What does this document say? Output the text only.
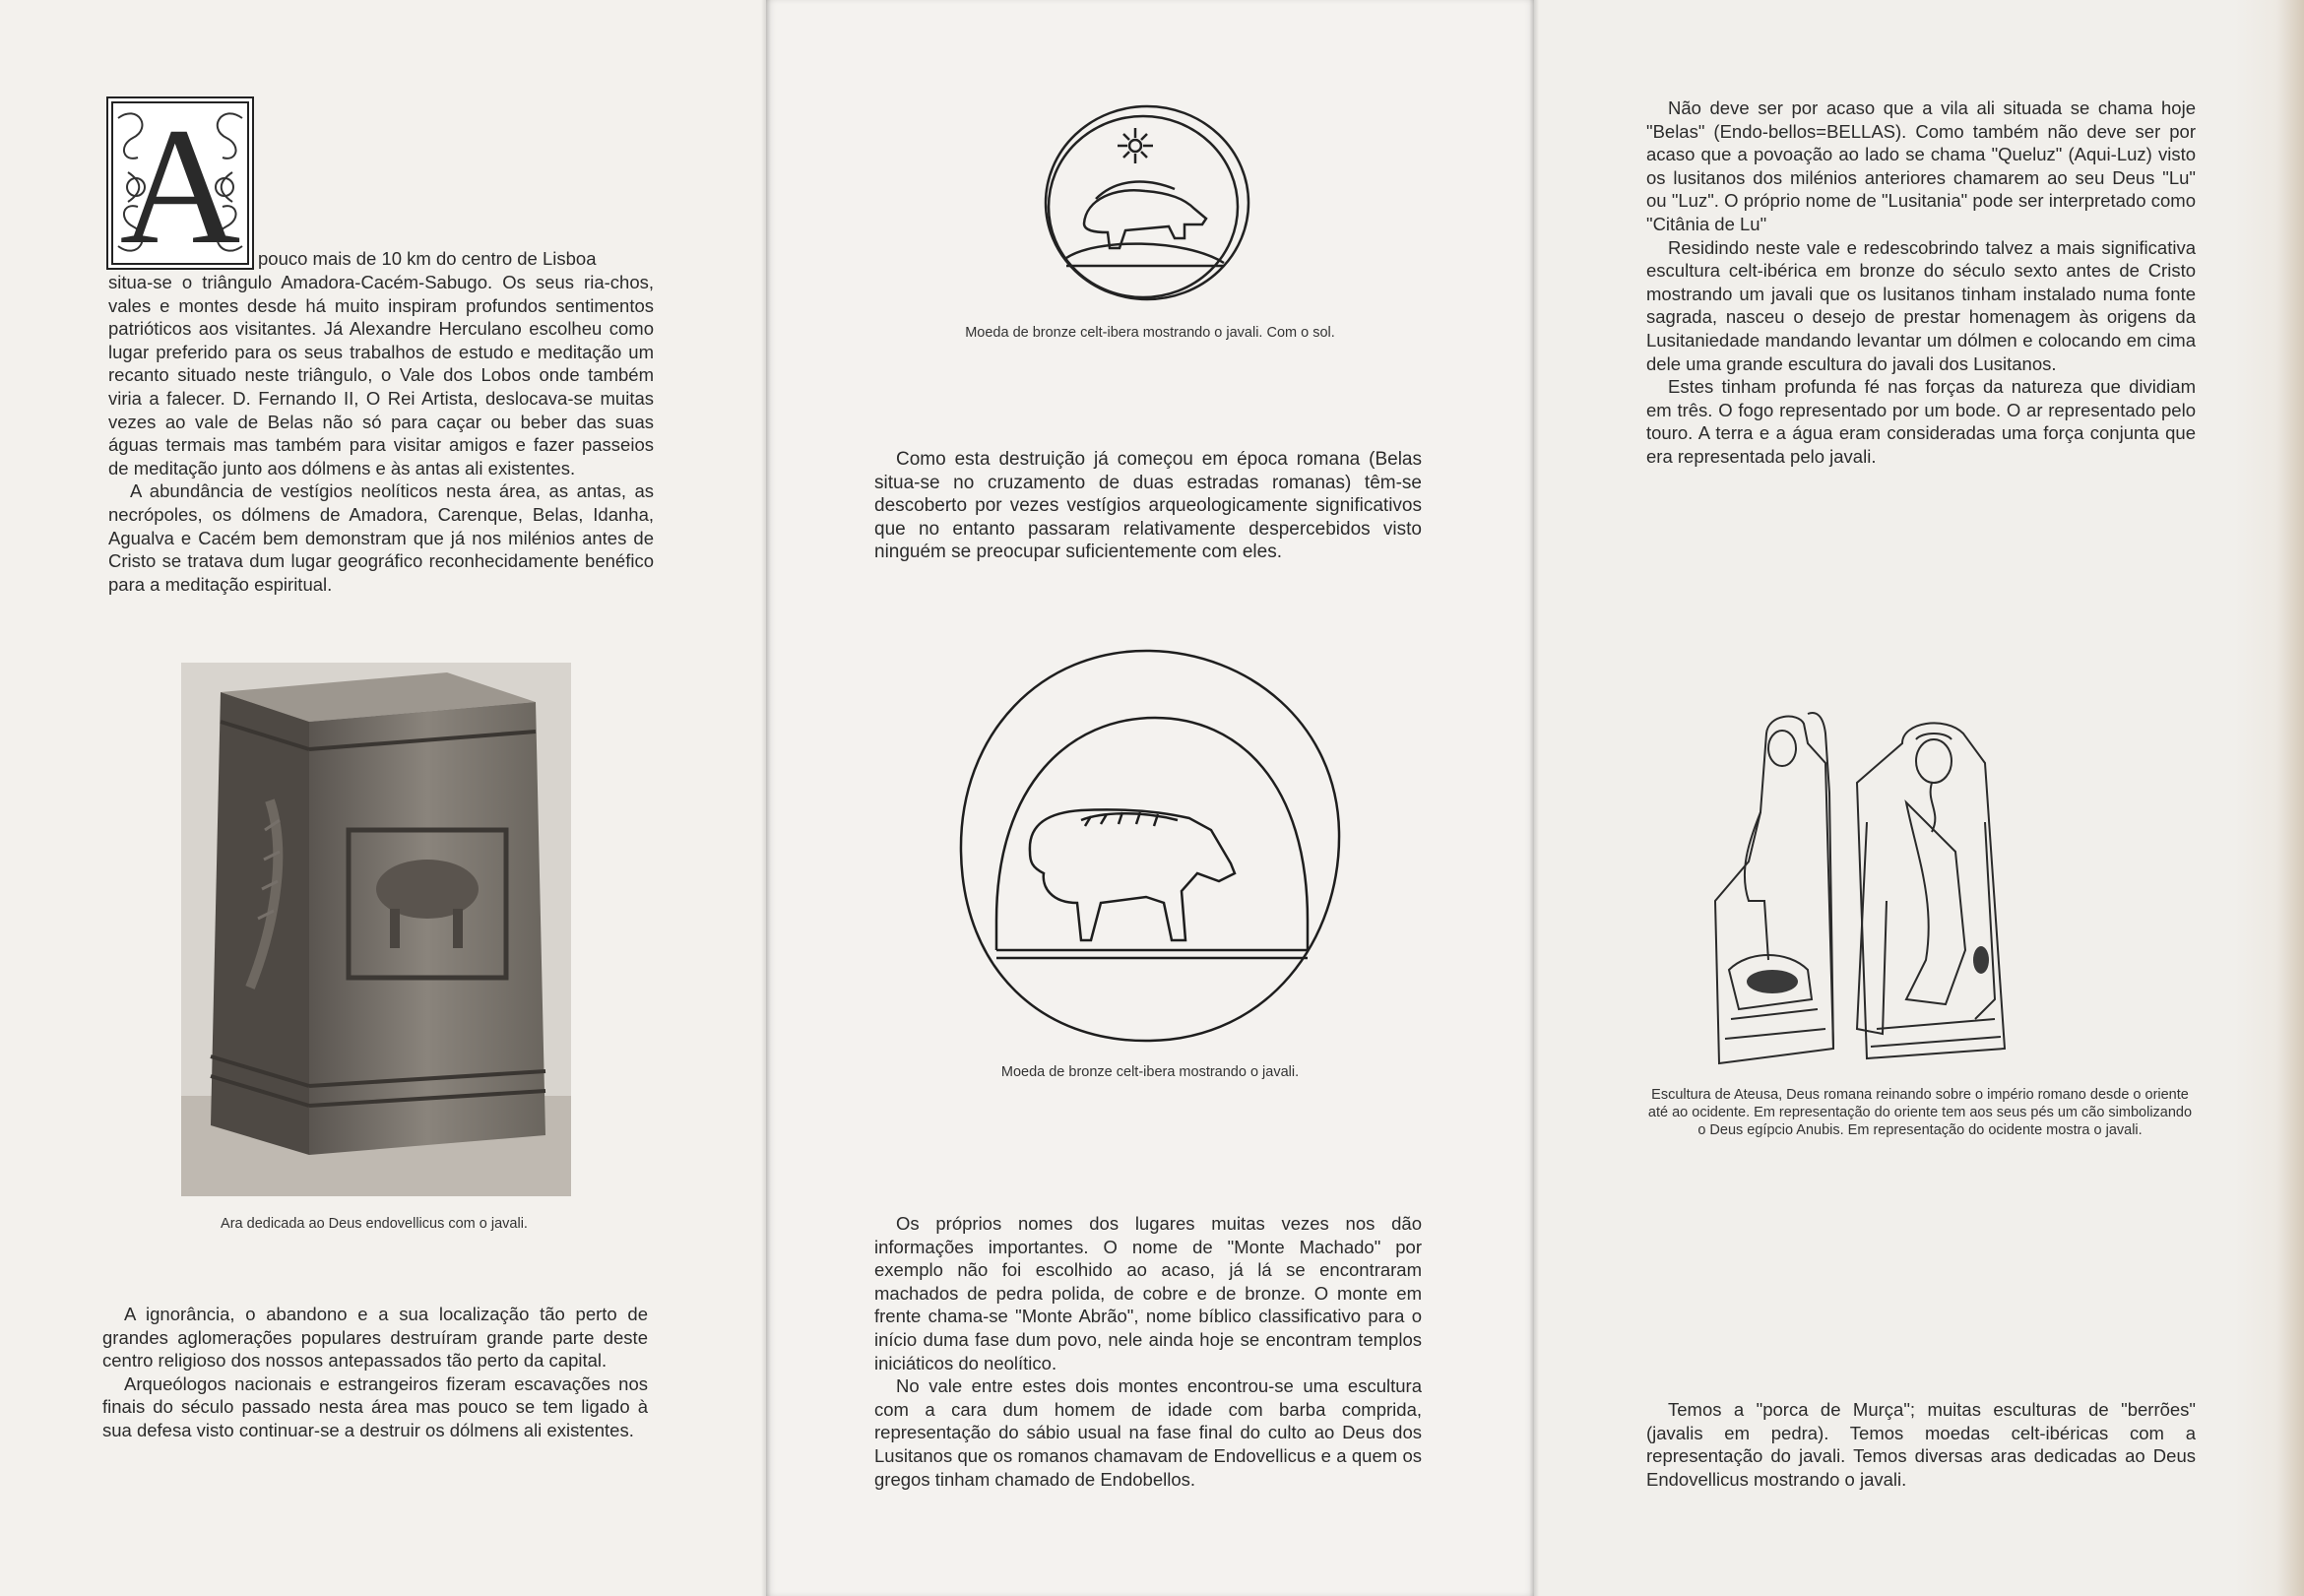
A pouco mais de 10 km do centro de Lisboa

situa-se o triângulo Amadora-Cacém-Sabugo. Os seus ria-chos, vales e montes desde há muito inspiram profundos sentimentos patrióticos aos visitantes. Já Alexandre Herculano escolheu como lugar preferido para os seus trabalhos de estudo e meditação um recanto situado neste triângulo, o Vale dos Lobos onde também viria a falecer. D. Fernando II, O Rei Artista, deslocava-se muitas vezes ao vale de Belas não só para caçar ou beber das suas águas termais mas também para visitar amigos e fazer passeios de meditação junto aos dólmens e às antas ali existentes.

A abundância de vestígios neolíticos nesta área, as antas, as necrópoles, os dólmens de Amadora, Carenque, Belas, Idanha, Agualva e Cacém bem demonstram que já nos milénios antes de Cristo se tratava dum lugar geográfico reconhecidamente benéfico para a meditação espiritual.

Ara dedicada ao Deus endovellicus com o javali.

A ignorância, o abandono e a sua localização tão perto de grandes aglomerações populares destruíram grande parte deste centro religioso dos nossos antepassados tão perto da capital.

Arqueólogos nacionais e estrangeiros fizeram escavações nos finais do século passado nesta área mas pouco se tem ligado à sua defesa visto continuar-se a destruir os dólmens ali existentes.

Moeda de bronze celt-ibera mostrando o javali. Com o sol.

Como esta destruição já começou em época romana (Belas situa-se no cruzamento de duas estradas romanas) têm-se descoberto por vezes vestígios arqueologicamente significativos que no entanto passaram relativamente despercebidos visto ninguém se preocupar suficientemente com eles.

Moeda de bronze celt-ibera mostrando o javali.

Os próprios nomes dos lugares muitas vezes nos dão informações importantes. O nome de "Monte Machado" por exemplo não foi escolhido ao acaso, já lá se encontraram machados de pedra polida, de cobre e de bronze. O monte em frente chama-se "Monte Abrão", nome bíblico classificativo para o início duma fase dum povo, nele ainda hoje se encontram templos iniciáticos do neolítico.

No vale entre estes dois montes encontrou-se uma escultura com a cara dum homem de idade com barba comprida, representação do sábio usual na fase final do culto ao Deus dos Lusitanos que os romanos chamavam de Endovellicus e a quem os gregos tinham chamado de Endobellos.

Não deve ser por acaso que a vila ali situada se chama hoje "Belas" (Endo-bellos=BELLAS). Como também não deve ser por acaso que a povoação ao lado se chama "Queluz" (Aqui-Luz) visto os lusitanos dos milénios anteriores chamarem ao seu Deus "Lu" ou "Luz". O próprio nome de "Lusitania" pode ser interpretado como "Citânia de Lu"

Residindo neste vale e redescobrindo talvez a mais significativa escultura celt-ibérica em bronze do século sexto antes de Cristo mostrando um javali que os lusitanos tinham instalado numa fonte sagrada, nasceu o desejo de prestar homenagem às origens da Lusitaniedade mandando levantar um dólmen e colocando em cima dele uma grande escultura do javali dos Lusitanos.

Estes tinham profunda fé nas forças da natureza que dividiam em três. O fogo representado por um bode. O ar representado pelo touro. A terra e a água eram consideradas uma força conjunta que era representada pelo javali.

Escultura de Ateusa, Deus romana reinando sobre o império romano desde o oriente até ao ocidente. Em representação do oriente tem aos seus pés um cão simbolizando o Deus egípcio Anubis. Em representação do ocidente mostra o javali.

Temos a "porca de Murça"; muitas esculturas de "berrões" (javalis em pedra). Temos moedas celt-ibéricas com a representação do javali. Temos diversas aras dedicadas ao Deus Endovellicus mostrando o javali.
